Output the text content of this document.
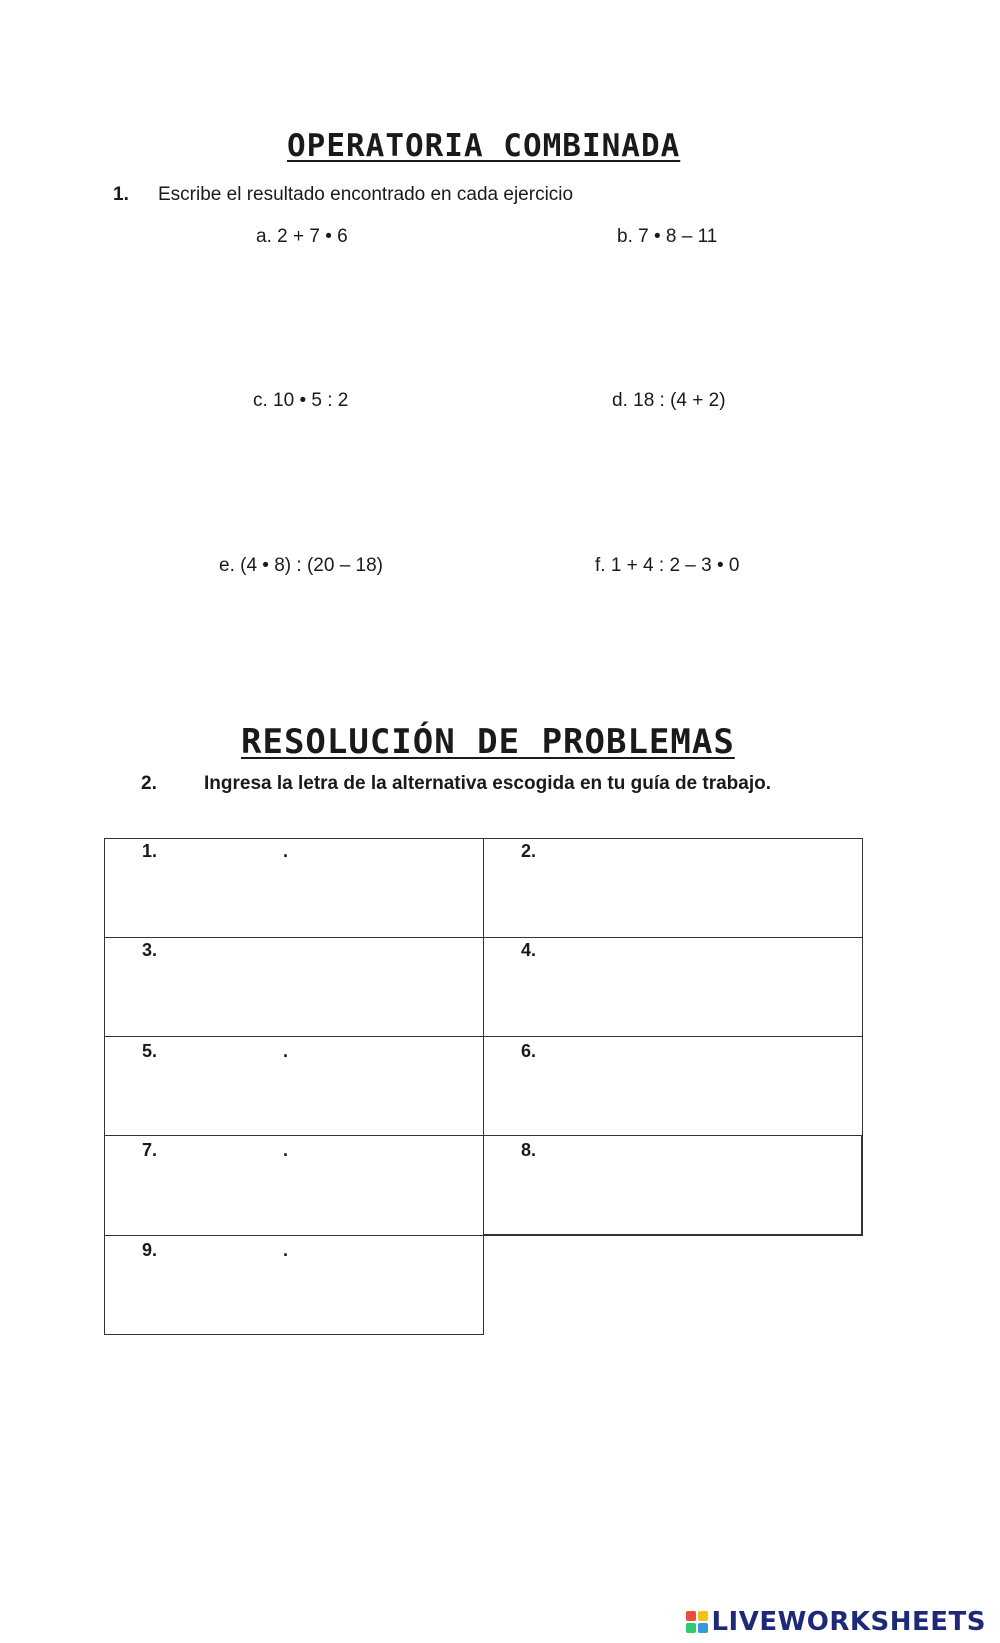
OPERATORIA COMBINADA
1. Escribe el resultado encontrado en cada ejercicio
a. 2 + 7 • 6	b. 7 • 8 – 11
c. 10 • 5 : 2	d. 18 : (4 + 2)
e. (4 • 8) : (20 – 18)	f. 1 + 4 : 2 – 3 • 0
RESOLUCIÓN DE PROBLEMAS
2. Ingresa la letra de la alternativa escogida en tu guía de trabajo.
1.	.	2.
3.	4.
5.	.	6.
7.	.	8.
9.	.
LIVEWORKSHEETS
